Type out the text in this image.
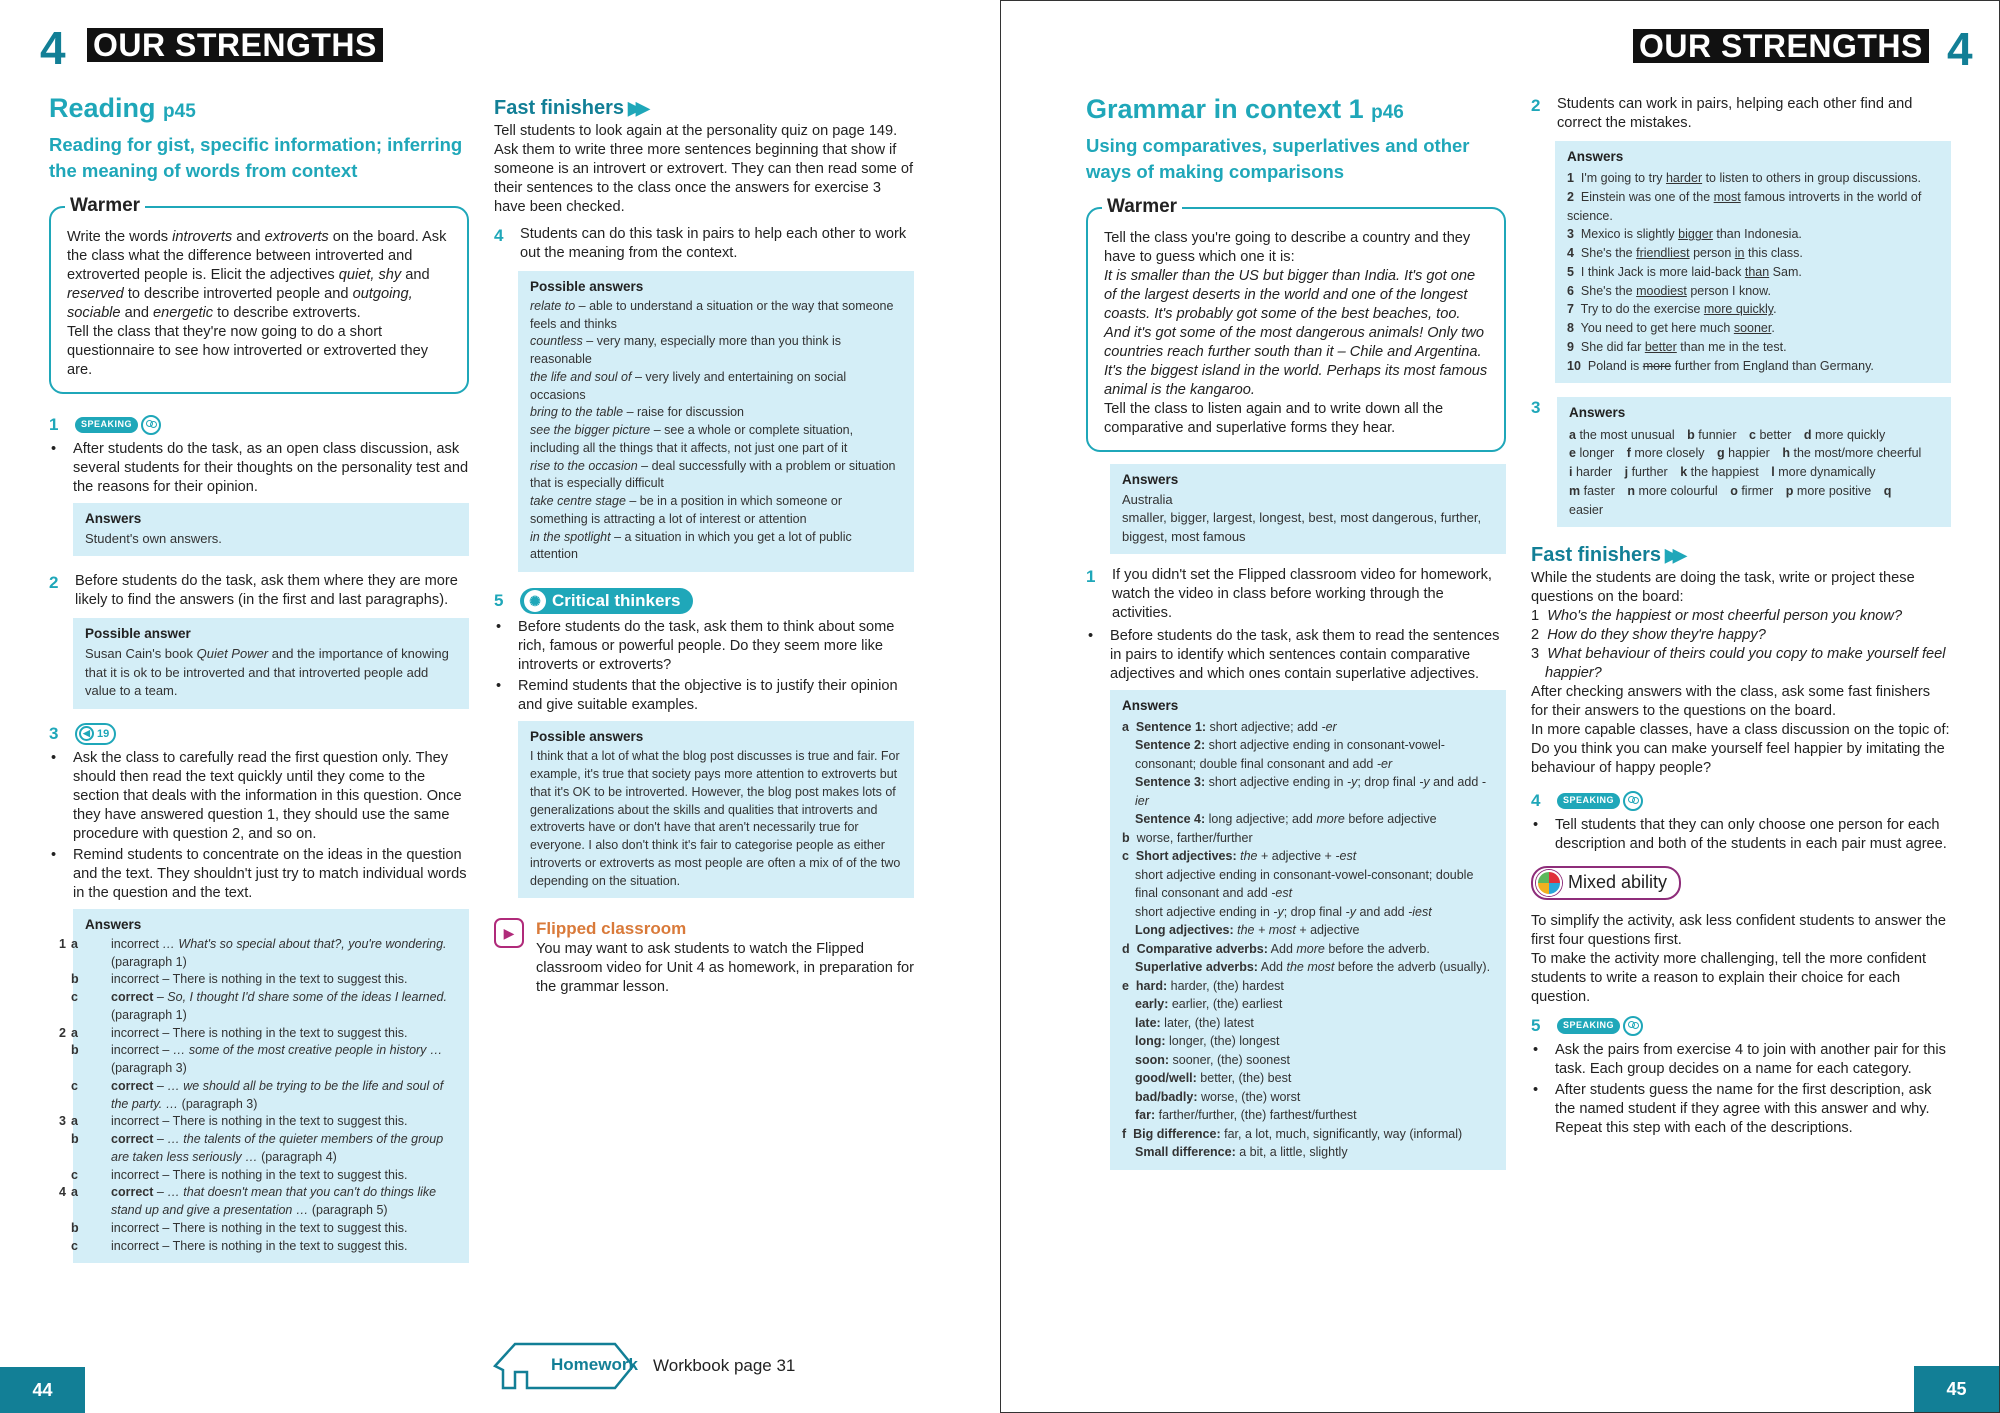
4 OUR STRENGTHS
Reading p45
Reading for gist, specific information; inferring the meaning of words from context
Warmer

Write the words introverts and extroverts on the board. Ask the class what the difference between introverted and extroverted people is. Elicit the adjectives quiet, shy and reserved to describe introverted people and outgoing, sociable and energetic to describe extroverts.

Tell the class that they're now going to do a short questionnaire to see how introverted or extroverted they are.

1	SPEAKING
• After students do the task, as an open class discussion, ask several students for their thoughts on the personality test and the reasons for their opinion.
Answers
Student's own answers.
2	Before students do the task, ask them where they are more likely to find the answers (in the first and last paragraphs).
Possible answer
Susan Cain's book Quiet Power and the importance of knowing that it is ok to be introverted and that introverted people add value to a team.
3	◀ 19
• Ask the class to carefully read the first question only. They should then read the text quickly until they come to the section that deals with the information in this question. Once they have answered question 1, they should use the same procedure with question 2, and so on.
• Remind students to concentrate on the ideas in the question and the text. They shouldn't just try to match individual words in the question and the text.
Answers
1 a	incorrect … What's so special about that?, you're wondering. (paragraph 1)
b	incorrect – There is nothing in the text to suggest this.
c	correct – So, I thought I'd share some of the ideas I learned. (paragraph 1)
2 a	incorrect – There is nothing in the text to suggest this.
b	incorrect – … some of the most creative people in history … (paragraph 3)
c	correct – … we should all be trying to be the life and soul of the party. … (paragraph 3)
3 a	incorrect – There is nothing in the text to suggest this.
b	correct – … the talents of the quieter members of the group are taken less seriously … (paragraph 4)
c	incorrect – There is nothing in the text to suggest this.
4 a	correct – … that doesn't mean that you can't do things like stand up and give a presentation … (paragraph 5)
b	incorrect – There is nothing in the text to suggest this.
c	incorrect – There is nothing in the text to suggest this.
Fast finishers ▶▶

Tell students to look again at the personality quiz on page 149. Ask them to write three more sentences beginning that show if someone is an introvert or extrovert. They can then read some of their sentences to the class once the answers for exercise 3 have been checked.

4	Students can do this task in pairs to help each other to work out the meaning from the context.
Possible answers
relate to – able to understand a situation or the way that someone feels and thinks
countless – very many, especially more than you think is reasonable
the life and soul of – very lively and entertaining on social occasions
bring to the table – raise for discussion
see the bigger picture – see a whole or complete situation, including all the things that it affects, not just one part of it
rise to the occasion – deal successfully with a problem or situation that is especially difficult
take centre stage – be in a position in which someone or something is attracting a lot of interest or attention
in the spotlight – a situation in which you get a lot of public attention
5	✺ Critical thinkers
• Before students do the task, ask them to think about some rich, famous or powerful people. Do they seem more like introverts or extroverts?
• Remind students that the objective is to justify their opinion and give suitable examples.
Possible answers
I think that a lot of what the blog post discusses is true and fair. For example, it's true that society pays more attention to extroverts but that it's OK to be introverted. However, the blog post makes lots of generalizations about the skills and qualities that introverts and extroverts have or don't have that aren't necessarily true for everyone. I also don't think it's fair to categorise people as either introverts or extroverts as most people are often a mix of of the two depending on the situation.
▶	Flipped classroom

You may want to ask students to watch the Flipped classroom video for Unit 4 as homework, in preparation for the grammar lesson.

Homework Workbook page 31
44
OUR STRENGTHS 4
Grammar in context 1 p46
Using comparatives, superlatives and other ways of making comparisons
Warmer

Tell the class you're going to describe a country and they have to guess which one it is:

It is smaller than the US but bigger than India. It's got one of the largest deserts in the world and one of the longest coasts. It's probably got some of the best beaches, too. And it's got some of the most dangerous animals! Only two countries reach further south than it – Chile and Argentina. It's the biggest island in the world. Perhaps its most famous animal is the kangaroo.

Tell the class to listen again and to write down all the comparative and superlative forms they hear.

Answers
Australia
smaller, bigger, largest, longest, best, most dangerous, further, biggest, most famous
1	If you didn't set the Flipped classroom video for homework, watch the video in class before working through the activities.
• Before students do the task, ask them to read the sentences in pairs to identify which sentences contain comparative adjectives and which ones contain superlative adjectives.
Answers
a  Sentence 1: short adjective; add -er
Sentence 2: short adjective ending in consonant-vowel-consonant; double final consonant and add -er
Sentence 3: short adjective ending in -y; drop final -y and add -ier
Sentence 4: long adjective; add more before adjective
b  worse, farther/further
c  Short adjectives: the + adjective + -est
short adjective ending in consonant-vowel-consonant; double final consonant and add -est
short adjective ending in -y; drop final -y and add -iest
Long adjectives: the + most + adjective
d  Comparative adverbs: Add more before the adverb.
Superlative adverbs: Add the most before the adverb (usually).
e  hard: harder, (the) hardest
early: earlier, (the) earliest
late: later, (the) latest
long: longer, (the) longest
soon: sooner, (the) soonest
good/well: better, (the) best
bad/badly: worse, (the) worst
far: farther/further, (the) farthest/furthest
f  Big difference: far, a lot, much, significantly, way (informal)
Small difference: a bit, a little, slightly
2	Students can work in pairs, helping each other find and correct the mistakes.
Answers
1  I'm going to try harder to listen to others in group discussions.
2  Einstein was one of the most famous introverts in the world of science.
3  Mexico is slightly bigger than Indonesia.
4  She's the friendliest person in this class.
5  I think Jack is more laid-back than Sam.
6  She's the moodiest person I know.
7  Try to do the exercise more quickly.
8  You need to get here much sooner.
9  She did far better than me in the test.
10  Poland is more further from England than Germany.
3	Answers
a the most unusual  b funnier  c better  d more quickly 
e longer  f more closely  g happier  h the most/more cheerful 
i harder  j further  k the happiest  l more dynamically 
m faster  n more colourful  o firmer  p more positive  q easier 
Fast finishers ▶▶

While the students are doing the task, write or project these questions on the board:

1  Who's the happiest or most cheerful person you know?

2  How do they show they're happy?

3  What behaviour of theirs could you copy to make yourself feel happier?

After checking answers with the class, ask some fast finishers for their answers to the questions on the board.

In more capable classes, have a class discussion on the topic of: Do you think you can make yourself feel happier by imitating the behaviour of happy people?

4	SPEAKING
• Tell students that they can only choose one person for each description and both of the students in each pair must agree.
Mixed ability

To simplify the activity, ask less confident students to answer the first four questions first.

To make the activity more challenging, tell the more confident students to write a reason to explain their choice for each question.

5	SPEAKING
• Ask the pairs from exercise 4 to join with another pair for this task. Each group decides on a name for each category.
• After students guess the name for the first description, ask the named student if they agree with this answer and why. Repeat this step with each of the descriptions.
45
